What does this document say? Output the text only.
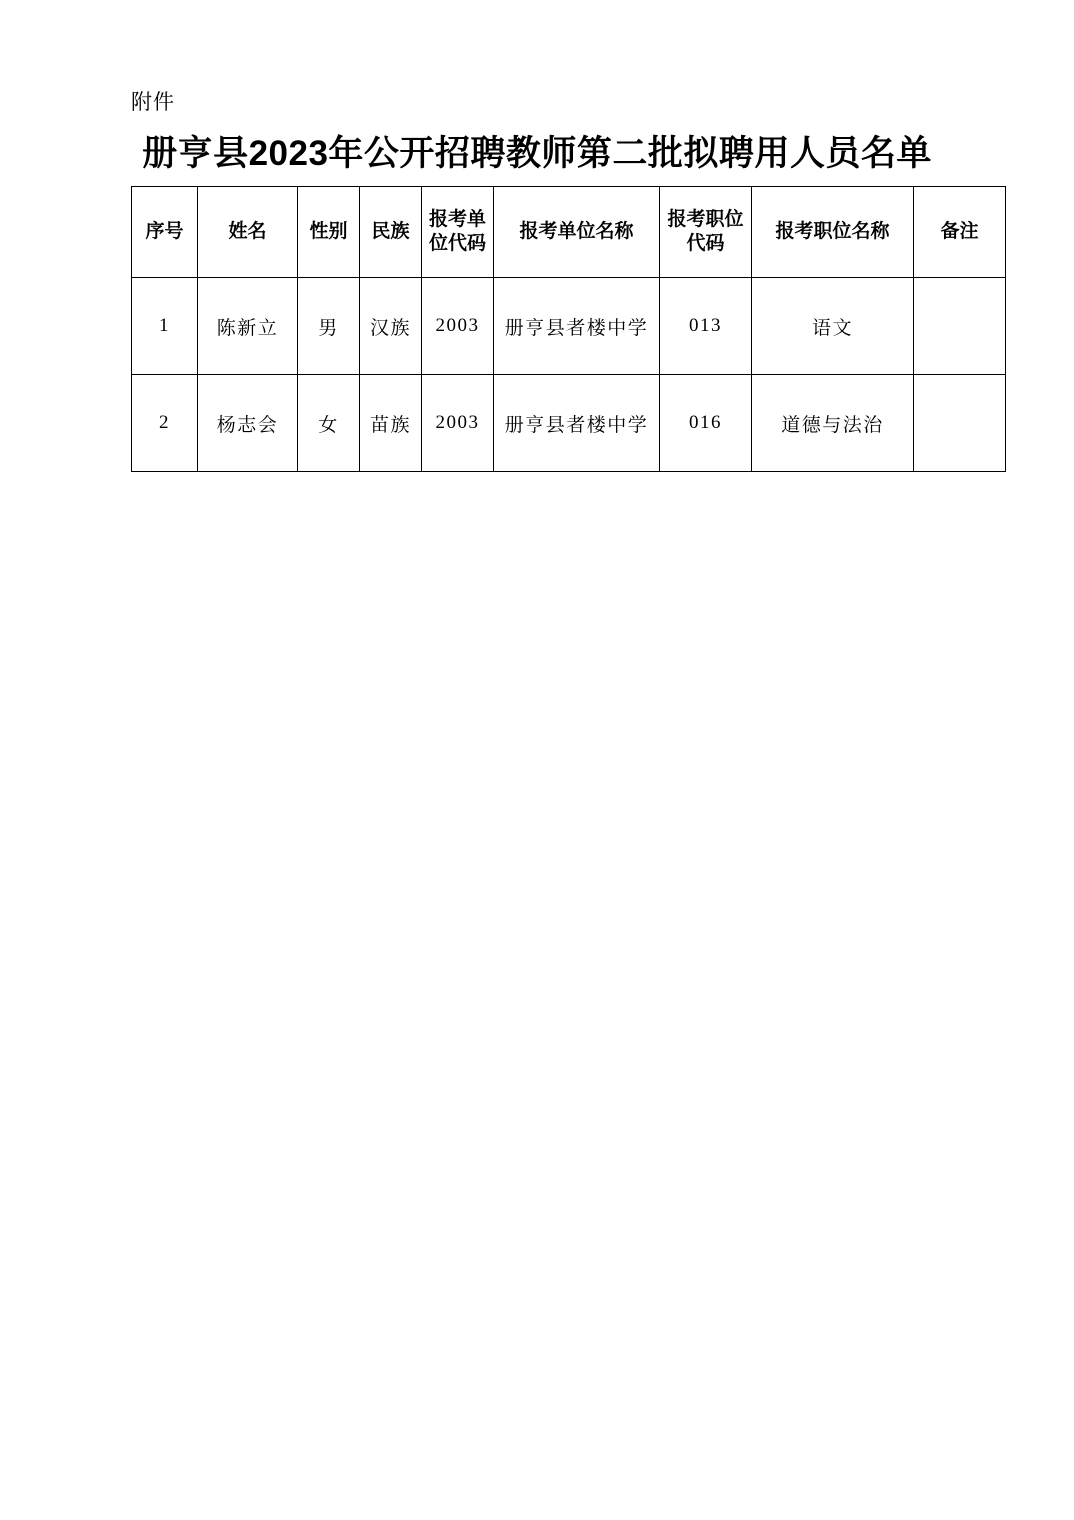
附件
册亨县2023年公开招聘教师第二批拟聘用人员名单
序号	姓名	性别	民族	报考单位代码	报考单位名称	报考职位代码	报考职位名称	备注
1	陈新立	男	汉族	2003	册亨县者楼中学	013	语文	
2	杨志会	女	苗族	2003	册亨县者楼中学	016	道德与法治	
